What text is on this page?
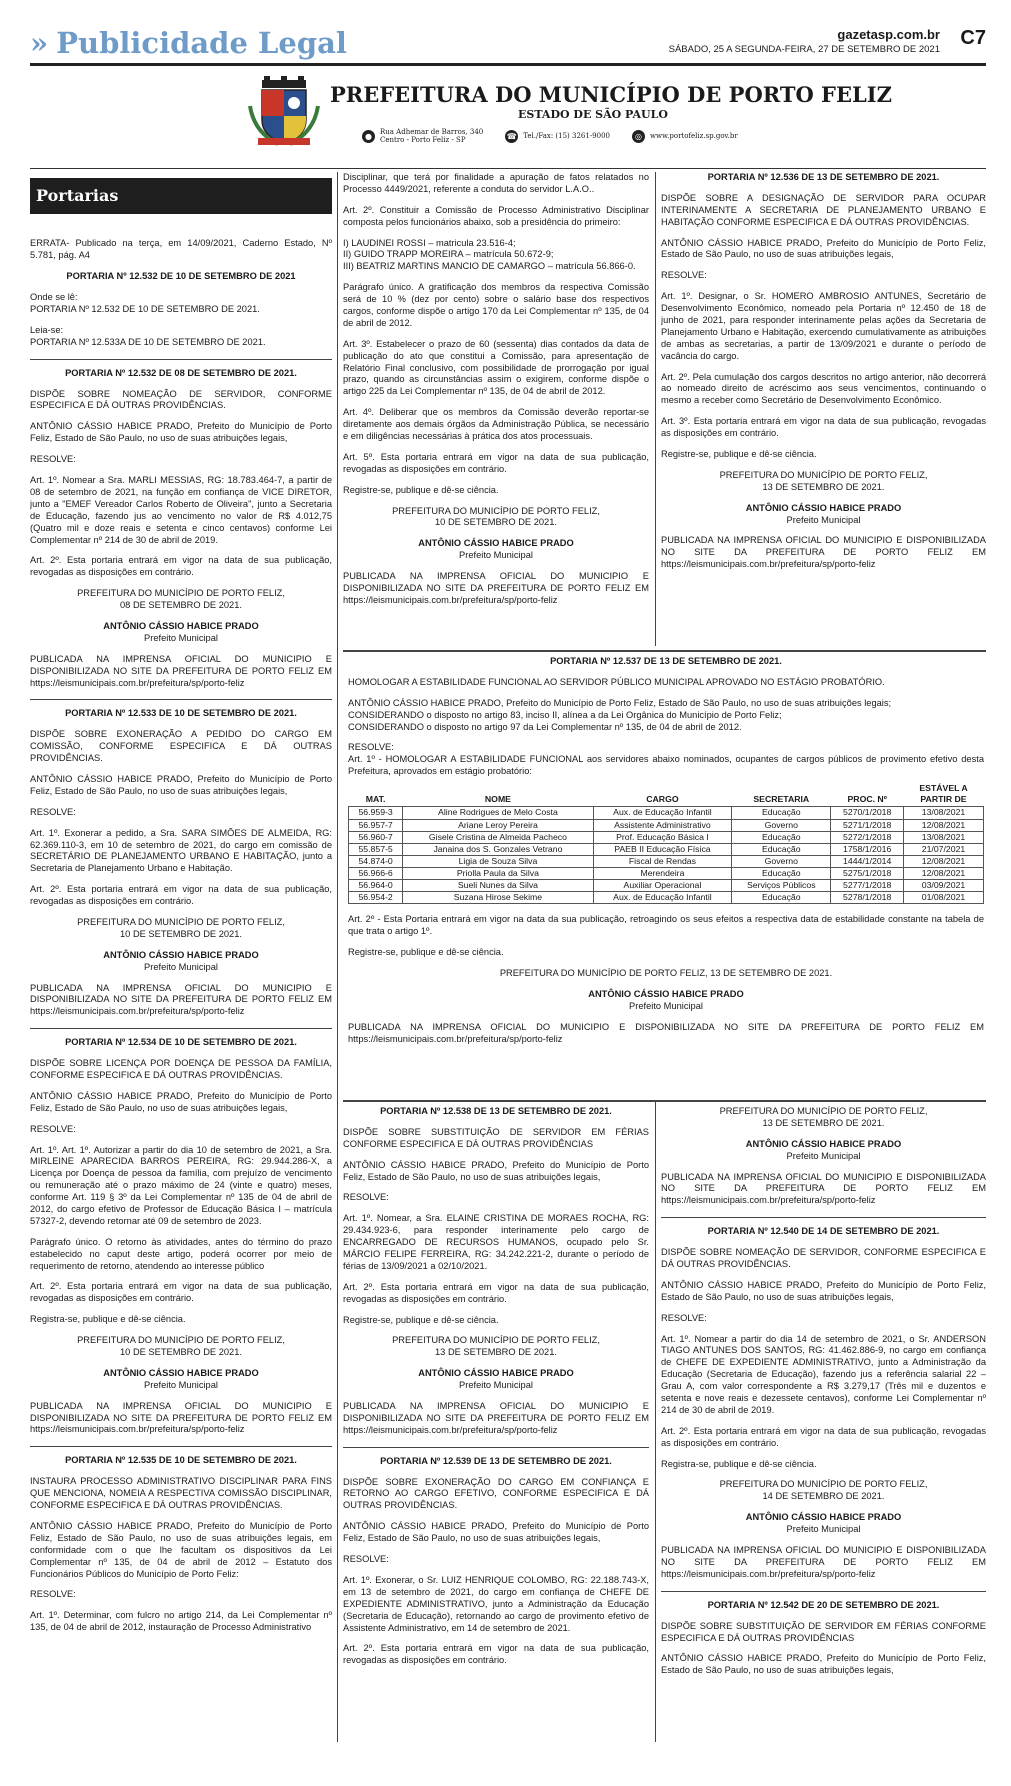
» Publicidade Legal	gazetasp.com.br
SÁBADO, 25 A SEGUNDA-FEIRA, 27 DE SETEMBRO DE 2021
C7
PREFEITURA DO MUNICÍPIO DE PORTO FELIZ
ESTADO DE SÃO PAULO
●	Rua Adhemar de Barros, 340
Centro - Porto Feliz - SP	☎ Tel./Fax: (15) 3261-9000	◎	www.portofeliz.sp.gov.br
Portarias

ERRATA- Publicado na terça, em 14/09/2021, Caderno Estado, Nº 5.781, pág. A4

PORTARIA Nº 12.532 DE 10 DE SETEMBRO DE 2021

Onde se lê:
PORTARIA Nº 12.532 DE 10 DE SETEMBRO DE 2021.

Leia-se:
PORTARIA Nº 12.533A DE 10 DE SETEMBRO DE 2021.

PORTARIA Nº 12.532 DE 08 DE SETEMBRO DE 2021.

DISPÕE SOBRE NOMEAÇÃO DE SERVIDOR, CONFORME ESPECIFICA E DÁ OUTRAS PROVIDÊNCIAS.

ANTÔNIO CÁSSIO HABICE PRADO, Prefeito do Município de Porto Feliz, Estado de São Paulo, no uso de suas atribuições legais,

RESOLVE:

Art. 1º. Nomear a Sra. MARLI MESSIAS, RG: 18.783.464-7, a partir de 08 de setembro de 2021, na função em confiança de VICE DIRETOR, junto a "EMEF Vereador Carlos Roberto de Oliveira", junto a Secretaria de Educação, fazendo jus ao vencimento no valor de R$ 4.012,75 (Quatro mil e doze reais e setenta e cinco centavos) conforme Lei Complementar nº 214 de 30 de abril de 2019.

Art. 2º. Esta portaria entrará em vigor na data de sua publicação, revogadas as disposições em contrário.

PREFEITURA DO MUNICÍPIO DE PORTO FELIZ,
08 DE SETEMBRO DE 2021.

ANTÔNIO CÁSSIO HABICE PRADO

Prefeito Municipal

PUBLICADA NA IMPRENSA OFICIAL DO MUNICIPIO E DISPONIBILIZADA NO SITE DA PREFEITURA DE PORTO FELIZ EM https://leismunicipais.com.br/prefeitura/sp/porto-feliz

PORTARIA Nº 12.533 DE 10 DE SETEMBRO DE 2021.

DISPÕE SOBRE EXONERAÇÃO A PEDIDO DO CARGO EM COMISSÃO, CONFORME ESPECIFICA E DÁ OUTRAS PROVIDÊNCIAS.

ANTÔNIO CÁSSIO HABICE PRADO, Prefeito do Município de Porto Feliz, Estado de São Paulo, no uso de suas atribuições legais,

RESOLVE:

Art. 1º. Exonerar a pedido, a Sra. SARA SIMÕES DE ALMEIDA, RG: 62.369.110-3, em 10 de setembro de 2021, do cargo em comissão de SECRETÁRIO DE PLANEJAMENTO URBANO E HABITAÇÃO, junto a Secretaria de Planejamento Urbano e Habitação.

Art. 2º. Esta portaria entrará em vigor na data de sua publicação, revogadas as disposições em contrário.

PREFEITURA DO MUNICÍPIO DE PORTO FELIZ,
10 DE SETEMBRO DE 2021.

ANTÔNIO CÁSSIO HABICE PRADO

Prefeito Municipal

PUBLICADA NA IMPRENSA OFICIAL DO MUNICIPIO E DISPONIBILIZADA NO SITE DA PREFEITURA DE PORTO FELIZ EM https://leismunicipais.com.br/prefeitura/sp/porto-feliz

PORTARIA Nº 12.534 DE 10 DE SETEMBRO DE 2021.

DISPÕE SOBRE LICENÇA POR DOENÇA DE PESSOA DA FAMÍLIA, CONFORME ESPECIFICA E DÁ OUTRAS PROVIDÊNCIAS.

ANTÔNIO CÁSSIO HABICE PRADO, Prefeito do Município de Porto Feliz, Estado de São Paulo, no uso de suas atribuições legais,

RESOLVE:

Art. 1º. Art. 1º. Autorizar a partir do dia 10 de setembro de 2021, a Sra. MIRLEINE APARECIDA BARROS PEREIRA, RG: 29.944.286-X, a Licença por Doença de pessoa da família, com prejuízo de vencimento ou remuneração até o prazo máximo de 24 (vinte e quatro) meses, conforme Art. 119 § 3º da Lei Complementar nº 135 de 04 de abril de 2012, do cargo efetivo de Professor de Educação Básica I – matrícula 57327-2, devendo retornar até 09 de setembro de 2023.

Parágrafo único. O retorno às atividades, antes do término do prazo estabelecido no caput deste artigo, poderá ocorrer por meio de requerimento de retorno, atendendo ao interesse público

Art. 2º. Esta portaria entrará em vigor na data de sua publicação, revogadas as disposições em contrário.

Registra-se, publique e dê-se ciência.

PREFEITURA DO MUNICÍPIO DE PORTO FELIZ,
10 DE SETEMBRO DE 2021.

ANTÔNIO CÁSSIO HABICE PRADO

Prefeito Municipal

PUBLICADA NA IMPRENSA OFICIAL DO MUNICIPIO E DISPONIBILIZADA NO SITE DA PREFEITURA DE PORTO FELIZ EM https://leismunicipais.com.br/prefeitura/sp/porto-feliz

PORTARIA Nº 12.535 DE 10 DE SETEMBRO DE 2021.

INSTAURA PROCESSO ADMINISTRATIVO DISCIPLINAR PARA FINS QUE MENCIONA, NOMEIA A RESPECTIVA COMISSÃO DISCIPLINAR, CONFORME ESPECIFICA E DÁ OUTRAS PROVIDÊNCIAS.

ANTÔNIO CÁSSIO HABICE PRADO, Prefeito do Município de Porto Feliz, Estado de São Paulo, no uso de suas atribuições legais, em conformidade com o que lhe facultam os dispositivos da Lei Complementar nº 135, de 04 de abril de 2012 – Estatuto dos Funcionários Públicos do Município de Porto Feliz:

RESOLVE:

Art. 1º. Determinar, com fulcro no artigo 214, da Lei Complementar nº 135, de 04 de abril de 2012, instauração de Processo Administrativo

Disciplinar, que terá por finalidade a apuração de fatos relatados no Processo 4449/2021, referente a conduta do servidor L.A.O..

Art. 2º. Constituir a Comissão de Processo Administrativo Disciplinar composta pelos funcionários abaixo, sob a presidência do primeiro:

I) LAUDINEI ROSSI – matricula 23.516-4;
II) GUIDO TRAPP MOREIRA – matrícula 50.672-9;
III) BEATRIZ MARTINS MANCIO DE CAMARGO – matrícula 56.866-0.

Parágrafo único. A gratificação dos membros da respectiva Comissão será de 10 % (dez por cento) sobre o salário base dos respectivos cargos, conforme dispõe o artigo 170 da Lei Complementar nº 135, de 04 de abril de 2012.

Art. 3º. Estabelecer o prazo de 60 (sessenta) dias contados da data de publicação do ato que constitui a Comissão, para apresentação de Relatório Final conclusivo, com possibilidade de prorrogação por igual prazo, quando as circunstâncias assim o exigirem, conforme dispõe o artigo 225 da Lei Complementar nº 135, de 04 de abril de 2012.

Art. 4º. Deliberar que os membros da Comissão deverão reportar-se diretamente aos demais órgãos da Administração Pública, se necessário e em diligências necessárias à prática dos atos processuais.

Art. 5º. Esta portaria entrará em vigor na data de sua publicação, revogadas as disposições em contrário.

Registre-se, publique e dê-se ciência.

PREFEITURA DO MUNICÍPIO DE PORTO FELIZ,
10 DE SETEMBRO DE 2021.

ANTÔNIO CÁSSIO HABICE PRADO

Prefeito Municipal

PUBLICADA NA IMPRENSA OFICIAL DO MUNICIPIO E DISPONIBILIZADA NO SITE DA PREFEITURA DE PORTO FELIZ EM https://leismunicipais.com.br/prefeitura/sp/porto-feliz

PORTARIA Nº 12.536 DE 13 DE SETEMBRO DE 2021.

DISPÕE SOBRE A DESIGNAÇÃO DE SERVIDOR PARA OCUPAR INTERINAMENTE A SECRETARIA DE PLANEJAMENTO URBANO E HABITAÇÃO CONFORME ESPECIFICA E DÁ OUTRAS PROVIDÊNCIAS.

ANTÔNIO CÁSSIO HABICE PRADO, Prefeito do Município de Porto Feliz, Estado de São Paulo, no uso de suas atribuições legais,

RESOLVE:

Art. 1º. Designar, o Sr. HOMERO AMBROSIO ANTUNES, Secretário de Desenvolvimento Econômico, nomeado pela Portaria nº 12.450 de 18 de junho de 2021, para responder interinamente pelas ações da Secretaria de Planejamento Urbano e Habitação, exercendo cumulativamente as atribuições de ambas as secretarias, a partir de 13/09/2021 e durante o período de vacância do cargo.

Art. 2º. Pela cumulação dos cargos descritos no artigo anterior, não decorrerá ao nomeado direito de acréscimo aos seus vencimentos, continuando o mesmo a receber como Secretário de Desenvolvimento Econômico.

Art. 3º. Esta portaria entrará em vigor na data de sua publicação, revogadas as disposições em contrário.

Registre-se, publique e dê-se ciência.

PREFEITURA DO MUNICÍPIO DE PORTO FELIZ,
13 DE SETEMBRO DE 2021.

ANTÔNIO CÁSSIO HABICE PRADO

Prefeito Municipal

PUBLICADA NA IMPRENSA OFICIAL DO MUNICIPIO E DISPONIBILIZADA NO SITE DA PREFEITURA DE PORTO FELIZ EM https://leismunicipais.com.br/prefeitura/sp/porto-feliz

PORTARIA Nº 12.537 DE 13 DE SETEMBRO DE 2021.

HOMOLOGAR A ESTABILIDADE FUNCIONAL AO SERVIDOR PÚBLICO MUNICIPAL APROVADO NO ESTÁGIO PROBATÓRIO.

ANTÔNIO CÁSSIO HABICE PRADO, Prefeito do Município de Porto Feliz, Estado de São Paulo, no uso de suas atribuições legais;
CONSIDERANDO o disposto no artigo 83, inciso II, alínea a da Lei Orgânica do Município de Porto Feliz;
CONSIDERANDO o disposto no artigo 97 da Lei Complementar nº 135, de 04 de abril de 2012.

RESOLVE:
Art. 1º - HOMOLOGAR A ESTABILIDADE FUNCIONAL aos servidores abaixo nominados, ocupantes de cargos públicos de provimento efetivo desta Prefeitura, aprovados em estágio probatório:

MAT.	NOME	CARGO	SECRETARIA	PROC. Nº	ESTÁVEL A PARTIR DE
56.959-3	Aline Rodrigues de Melo Costa	Aux. de Educação Infantil	Educação	5270/1/2018	13/08/2021
56.957-7	Ariane Leroy Pereira	Assistente Administrativo	Governo	5271/1/2018	12/08/2021
56.960-7	Gisele Cristina de Almeida Pacheco	Prof. Educação Básica I	Educação	5272/1/2018	13/08/2021
55.857-5	Janaina dos S. Gonzales Vetrano	PAEB II Educação Física	Educação	1758/1/2016	21/07/2021
54.874-0	Ligia de Souza Silva	Fiscal de Rendas	Governo	1444/1/2014	12/08/2021
56.966-6	Priolla Paula da Silva	Merendeira	Educação	5275/1/2018	12/08/2021
56.964-0	Sueli Nunes da Silva	Auxiliar Operacional	Serviços Públicos	5277/1/2018	03/09/2021
56.954-2	Suzana Hirose Sekime	Aux. de Educação Infantil	Educação	5278/1/2018	01/08/2021

Art. 2º - Esta Portaria entrará em vigor na data da sua publicação, retroagindo os seus efeitos a respectiva data de estabilidade constante na tabela de que trata o artigo 1º.

Registre-se, publique e dê-se ciência.

PREFEITURA DO MUNICÍPIO DE PORTO FELIZ, 13 DE SETEMBRO DE 2021.

ANTÔNIO CÁSSIO HABICE PRADO

Prefeito Municipal

PUBLICADA NA IMPRENSA OFICIAL DO MUNICIPIO E DISPONIBILIZADA NO SITE DA PREFEITURA DE PORTO FELIZ EM https://leismunicipais.com.br/prefeitura/sp/porto-feliz

PORTARIA Nº 12.538 DE 13 DE SETEMBRO DE 2021.

DISPÕE SOBRE SUBSTITUIÇÃO DE SERVIDOR EM FÉRIAS CONFORME ESPECIFICA E DÁ OUTRAS PROVIDÊNCIAS

ANTÔNIO CÁSSIO HABICE PRADO, Prefeito do Município de Porto Feliz, Estado de São Paulo, no uso de suas atribuições legais,

RESOLVE:

Art. 1º. Nomear, a Sra. ELAINE CRISTINA DE MORAES ROCHA, RG: 29.434.923-6, para responder interinamente pelo cargo de ENCARREGADO DE RECURSOS HUMANOS, ocupado pelo Sr. MÁRCIO FELIPE FERREIRA, RG: 34.242.221-2, durante o período de férias de 13/09/2021 a 02/10/2021.

Art. 2º. Esta portaria entrará em vigor na data de sua publicação, revogadas as disposições em contrário.

Registre-se, publique e dê-se ciência.

PREFEITURA DO MUNICÍPIO DE PORTO FELIZ,
13 DE SETEMBRO DE 2021.

ANTÔNIO CÁSSIO HABICE PRADO

Prefeito Municipal

PUBLICADA NA IMPRENSA OFICIAL DO MUNICIPIO E DISPONIBILIZADA NO SITE DA PREFEITURA DE PORTO FELIZ EM https://leismunicipais.com.br/prefeitura/sp/porto-feliz

PORTARIA Nº 12.539 DE 13 DE SETEMBRO DE 2021.

DISPÕE SOBRE EXONERAÇÃO DO CARGO EM CONFIANÇA E RETORNO AO CARGO EFETIVO, CONFORME ESPECIFICA E DÁ OUTRAS PROVIDÊNCIAS.

ANTÔNIO CÁSSIO HABICE PRADO, Prefeito do Município de Porto Feliz, Estado de São Paulo, no uso de suas atribuições legais,

RESOLVE:

Art. 1º. Exonerar, o Sr. LUIZ HENRIQUE COLOMBO, RG: 22.188.743-X, em 13 de setembro de 2021, do cargo em confiança de CHEFE DE EXPEDIENTE ADMINISTRATIVO, junto a Administração da Educação (Secretaria de Educação), retornando ao cargo de provimento efetivo de Assistente Administrativo, em 14 de setembro de 2021.

Art. 2º. Esta portaria entrará em vigor na data de sua publicação, revogadas as disposições em contrário.

PREFEITURA DO MUNICÍPIO DE PORTO FELIZ,
13 DE SETEMBRO DE 2021.

ANTÔNIO CÁSSIO HABICE PRADO

Prefeito Municipal

PUBLICADA NA IMPRENSA OFICIAL DO MUNICIPIO E DISPONIBILIZADA NO SITE DA PREFEITURA DE PORTO FELIZ EM https://leismunicipais.com.br/prefeitura/sp/porto-feliz

PORTARIA Nº 12.540 DE 14 DE SETEMBRO DE 2021.

DISPÕE SOBRE NOMEAÇÃO DE SERVIDOR, CONFORME ESPECIFICA E DÁ OUTRAS PROVIDÊNCIAS.

ANTÔNIO CÁSSIO HABICE PRADO, Prefeito do Município de Porto Feliz, Estado de São Paulo, no uso de suas atribuições legais,

RESOLVE:

Art. 1º. Nomear a partir do dia 14 de setembro de 2021, o Sr. ANDERSON TIAGO ANTUNES DOS SANTOS, RG: 41.462.886-9, no cargo em confiança de CHEFE DE EXPEDIENTE ADMINISTRATIVO, junto a Administração da Educação (Secretaria de Educação), fazendo jus a referência salarial 22 – Grau A, com valor correspondente a R$ 3.279,17 (Três mil e duzentos e setenta e nove reais e dezessete centavos), conforme Lei Complementar nº 214 de 30 de abril de 2019.

Art. 2º. Esta portaria entrará em vigor na data de sua publicação, revogadas as disposições em contrário.

Registra-se, publique e dê-se ciência.

PREFEITURA DO MUNICÍPIO DE PORTO FELIZ,
14 DE SETEMBRO DE 2021.

ANTÔNIO CÁSSIO HABICE PRADO

Prefeito Municipal

PUBLICADA NA IMPRENSA OFICIAL DO MUNICIPIO E DISPONIBILIZADA NO SITE DA PREFEITURA DE PORTO FELIZ EM https://leismunicipais.com.br/prefeitura/sp/porto-feliz

PORTARIA Nº 12.542 DE 20 DE SETEMBRO DE 2021.

DISPÕE SOBRE SUBSTITUIÇÃO DE SERVIDOR EM FÉRIAS CONFORME ESPECIFICA E DÁ OUTRAS PROVIDÊNCIAS

ANTÔNIO CÁSSIO HABICE PRADO, Prefeito do Município de Porto Feliz, Estado de São Paulo, no uso de suas atribuições legais,
